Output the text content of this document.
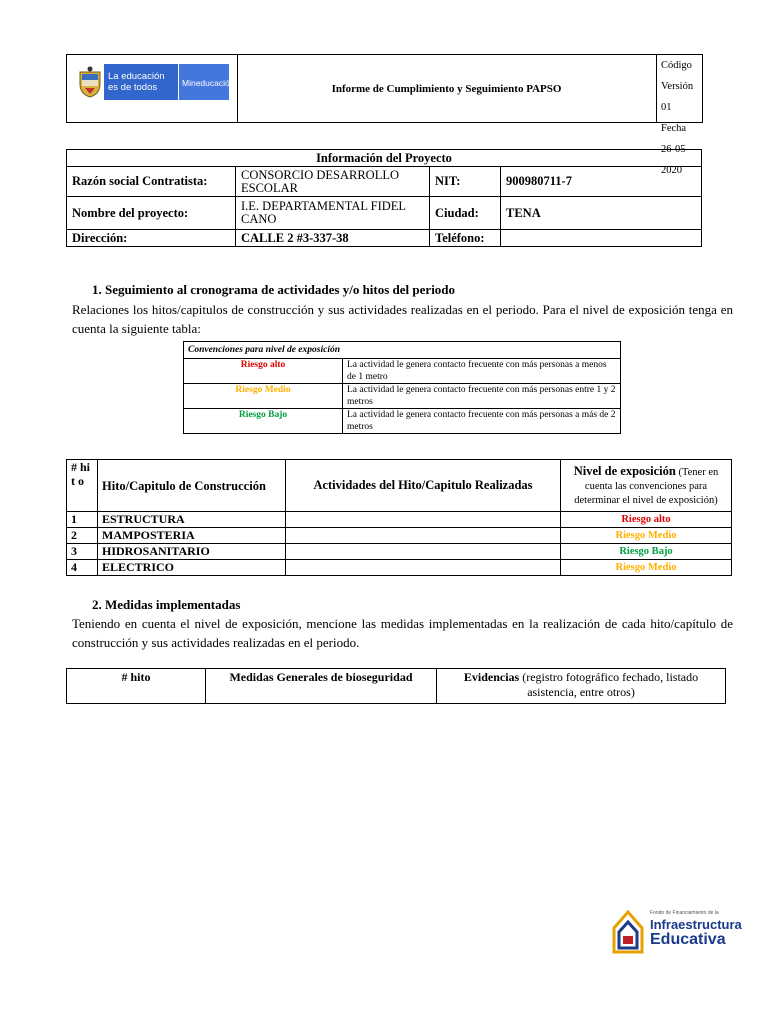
La educación
es de todos	Mineducación	Informe de Cumplimiento y Seguimiento PAPSO
Código
Versión 01
Fecha 26-05-2020
Información del Proyecto			
Razón social Contratista:	CONSORCIO DESARROLLO ESCOLAR	NIT:	900980711-7
Nombre del proyecto:	I.E. DEPARTAMENTAL FIDEL CANO	Ciudad:	TENA
Dirección:	CALLE 2 #3-337-38	Teléfono:	
1. Seguimiento al cronograma de actividades y/o hitos del periodo
Relaciones los hitos/capitulos de construcción y sus actividades realizadas en el periodo. Para el nivel de exposición tenga en cuenta la siguiente tabla:
Convenciones para nivel de exposición	
Riesgo alto	La actividad le genera contacto frecuente con más personas a menos de 1 metro
Riesgo Medio	La actividad le genera contacto frecuente con más personas entre 1 y 2 metros
Riesgo Bajo	La actividad le genera contacto frecuente con más personas a más de 2 metros
# hit o	Hito/Capitulo de Construcción	Actividades del Hito/Capitulo Realizadas	Nivel de exposición (Tener en cuenta las convenciones para determinar el nivel de exposición)
1	ESTRUCTURA		Riesgo alto
2	MAMPOSTERIA		Riesgo Medio
3	HIDROSANITARIO		Riesgo Bajo
4	ELECTRICO		Riesgo Medio
2. Medidas implementadas
Teniendo en cuenta el nivel de exposición, mencione las medidas implementadas en la realización de cada hito/capítulo de construcción y sus actividades realizadas en el periodo.
# hito	Medidas Generales de bioseguridad	Evidencias (registro fotográfico fechado, listado asistencia, entre otros)
Fondo de Financiamiento de la
Infraestructura
Educativa
